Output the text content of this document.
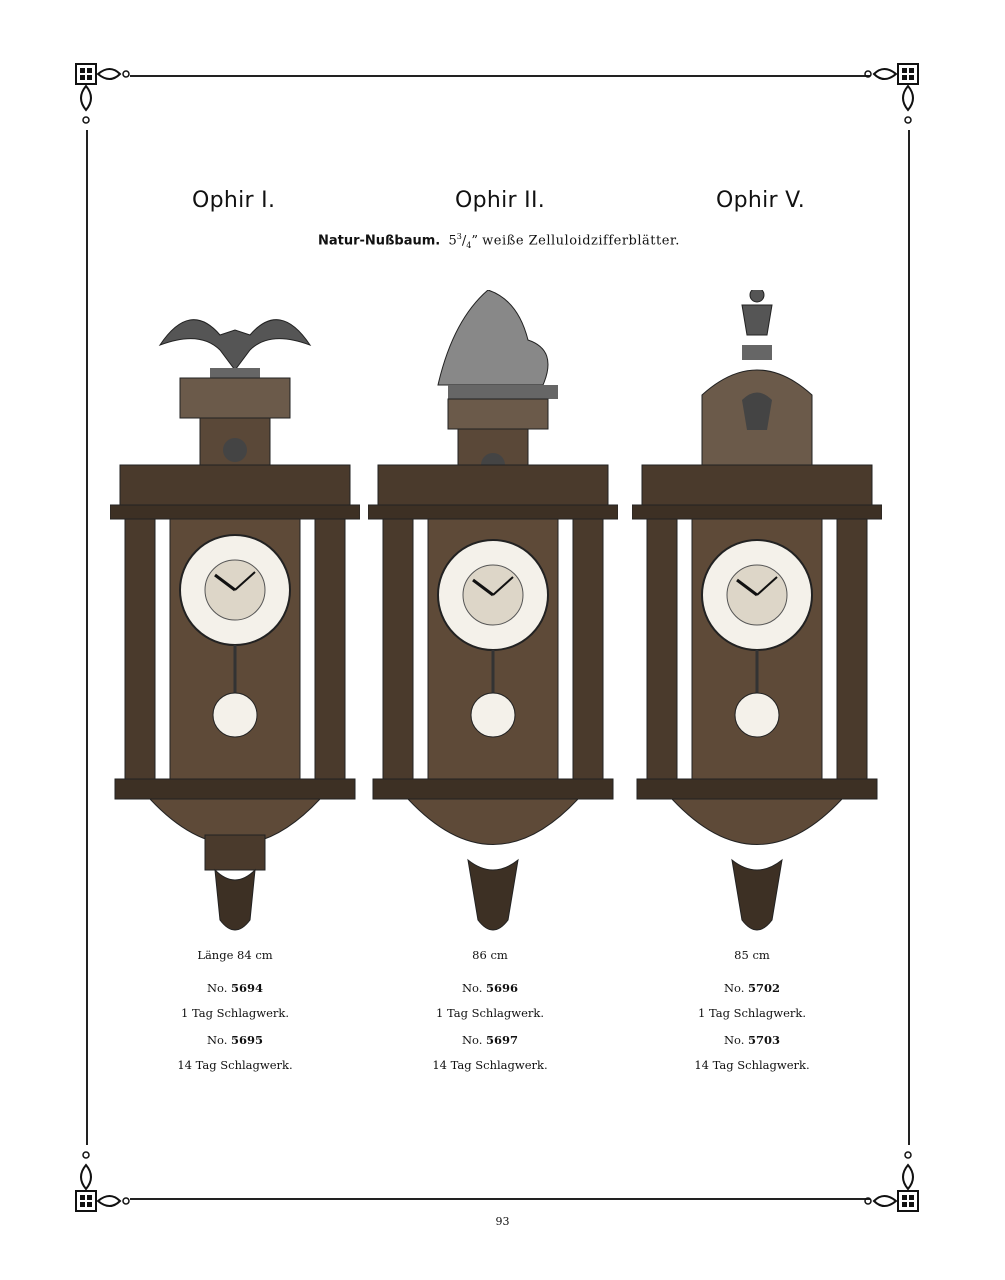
Ophir I.	Ophir II.	Ophir V.
Natur-Nußbaum. $5^3/_4$” weiße Zelluloidzifferblätter.
Länge 84 cm
No. 5694
1 Tag Schlagwerk.
No. 5695
14 Tag Schlagwerk.
86 cm
No. 5696
1 Tag Schlagwerk.
No. 5697
14 Tag Schlagwerk.
85 cm
No. 5702
1 Tag Schlagwerk.
No. 5703
14 Tag Schlagwerk.
93
